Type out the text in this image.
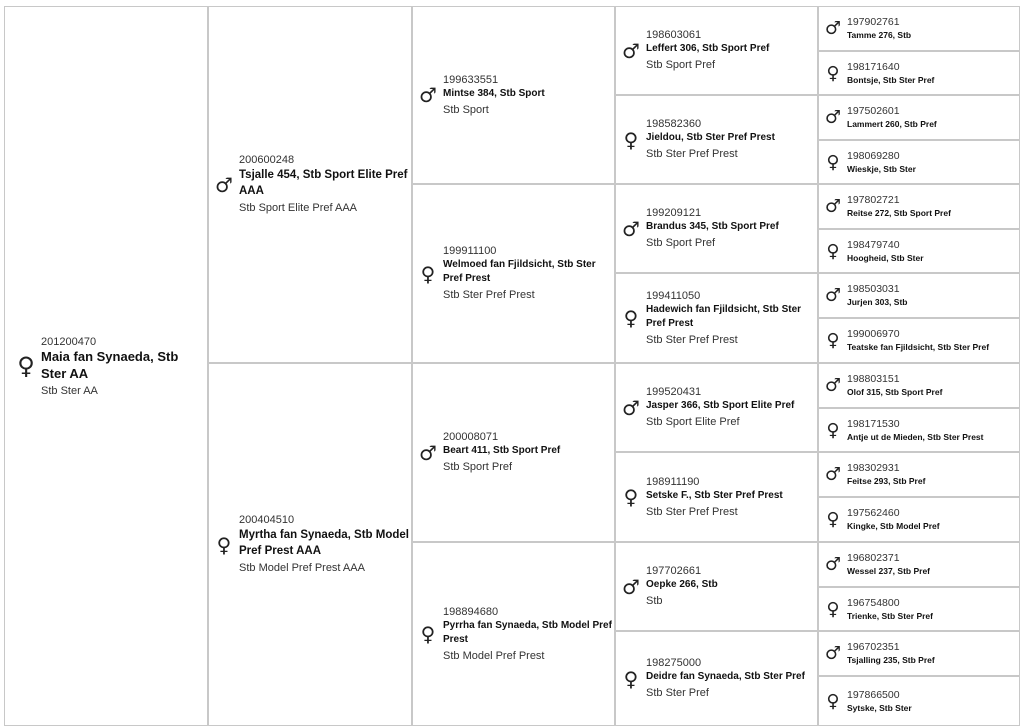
♀
201200470
Maia fan Synaeda, Stb Ster AA
Stb Ster AA
♂
200600248
Tsjalle 454, Stb Sport Elite Pref AAA
Stb Sport Elite Pref AAA
♀
200404510
Myrtha fan Synaeda, Stb Model Pref Prest AAA
Stb Model Pref Prest AAA
♂
199633551
Mintse 384, Stb Sport
Stb Sport
♀
199911100
Welmoed fan Fjildsicht, Stb Ster Pref Prest
Stb Ster Pref Prest
♂
200008071
Beart 411, Stb Sport Pref
Stb Sport Pref
♀
198894680
Pyrrha fan Synaeda, Stb Model Pref Prest
Stb Model Pref Prest
♂
198603061
Leffert 306, Stb Sport Pref
Stb Sport Pref
♀
198582360
Jieldou, Stb Ster Pref Prest
Stb Ster Pref Prest
♂
199209121
Brandus 345, Stb Sport Pref
Stb Sport Pref
♀
199411050
Hadewich fan Fjildsicht, Stb Ster Pref Prest
Stb Ster Pref Prest
♂
199520431
Jasper 366, Stb Sport Elite Pref
Stb Sport Elite Pref
♀
198911190
Setske F., Stb Ster Pref Prest
Stb Ster Pref Prest
♂
197702661
Oepke 266, Stb
Stb
♀
198275000
Deidre fan Synaeda, Stb Ster Pref
Stb Ster Pref
♂ 197902761
Tamme 276, Stb
♀ 198171640
Bontsje, Stb Ster Pref
♂ 197502601
Lammert 260, Stb Pref
♀ 198069280
Wieskje, Stb Ster
♂ 197802721
Reitse 272, Stb Sport Pref
♀ 198479740
Hoogheid, Stb Ster
♂ 198503031
Jurjen 303, Stb
♀ 199006970
Teatske fan Fjildsicht, Stb Ster Pref
♂ 198803151
Olof 315, Stb Sport Pref
♀ 198171530
Antje ut de Mieden, Stb Ster Prest
♂ 198302931
Feitse 293, Stb Pref
♀ 197562460
Kingke, Stb Model Pref
♂ 196802371
Wessel 237, Stb Pref
♀ 196754800
Trienke, Stb Ster Pref
♂ 196702351
Tsjalling 235, Stb Pref
♀ 197866500
Sytske, Stb Ster
